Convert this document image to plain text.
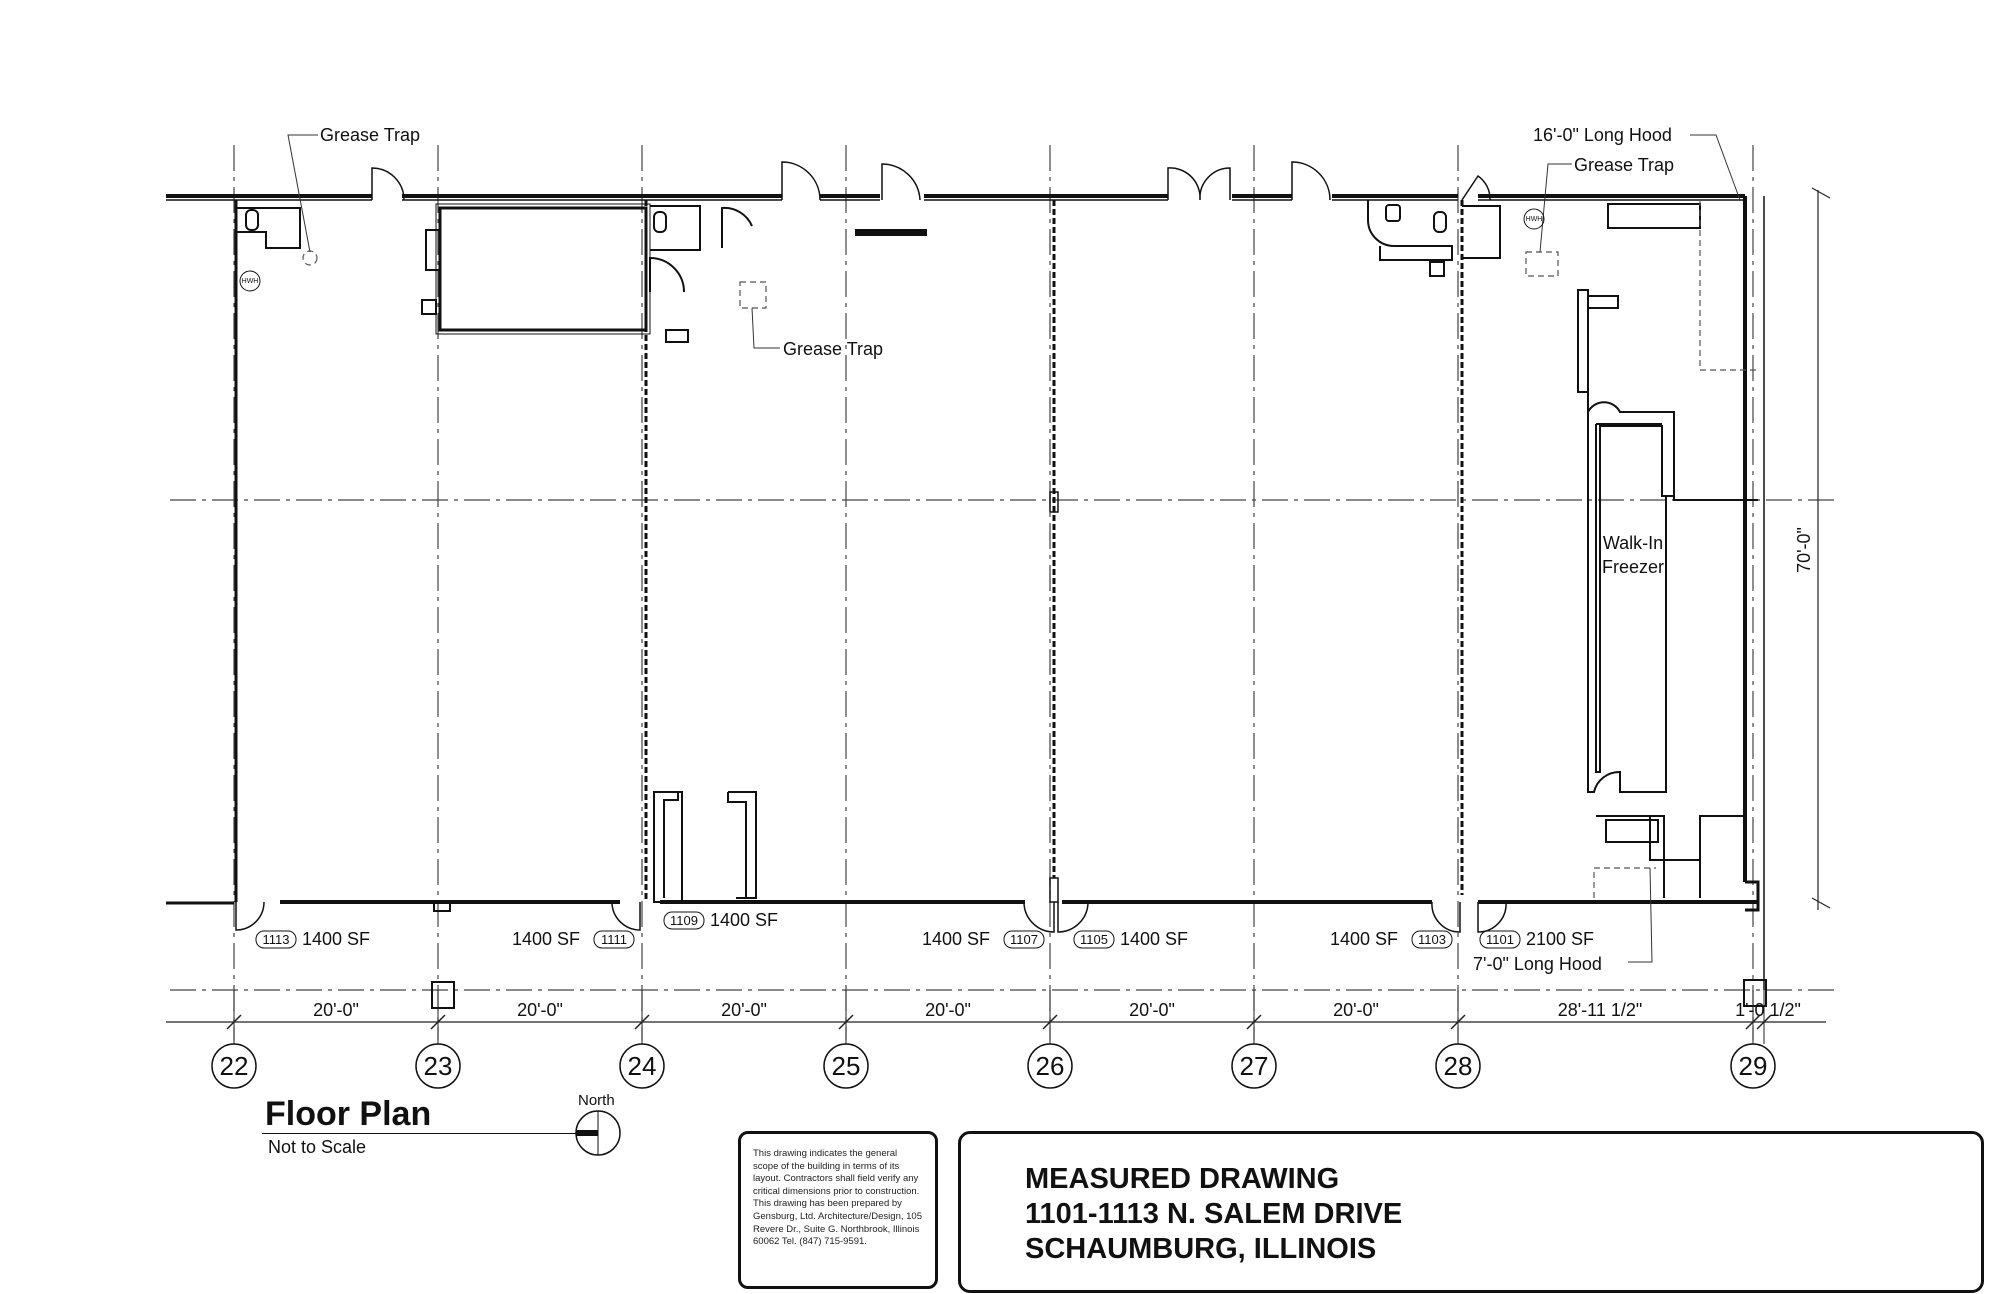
22	23	24	25	26	27	28	29
20'-0"	20'-0"	20'-0"	20'-0"	20'-0"	20'-0"	28'-11 1/2"	1'-0 1/2"
1113 1400 SF	1111
1400 SF
1109 1400 SF
1107
1400 SF	1105 1400 SF	1103
1400 SF	1101 2100 SF
70'-0"
Grease Trap
Grease Trap
Grease Trap
16'-0" Long Hood
7'-0" Long Hood
Walk-In
Freezer
HWH
HWH
Floor Plan
Not to Scale
North
This drawing indicates the general scope of the building in terms of its layout. Contractors shall field verify any critical dimensions prior to construction. This drawing has been prepared by Gensburg, Ltd. Architecture/Design, 105 Revere Dr., Suite G. Northbrook, Illinois 60062 Tel. (847) 715-9591.
MEASURED DRAWING
1101-1113 N. SALEM DRIVE
SCHAUMBURG, ILLINOIS
